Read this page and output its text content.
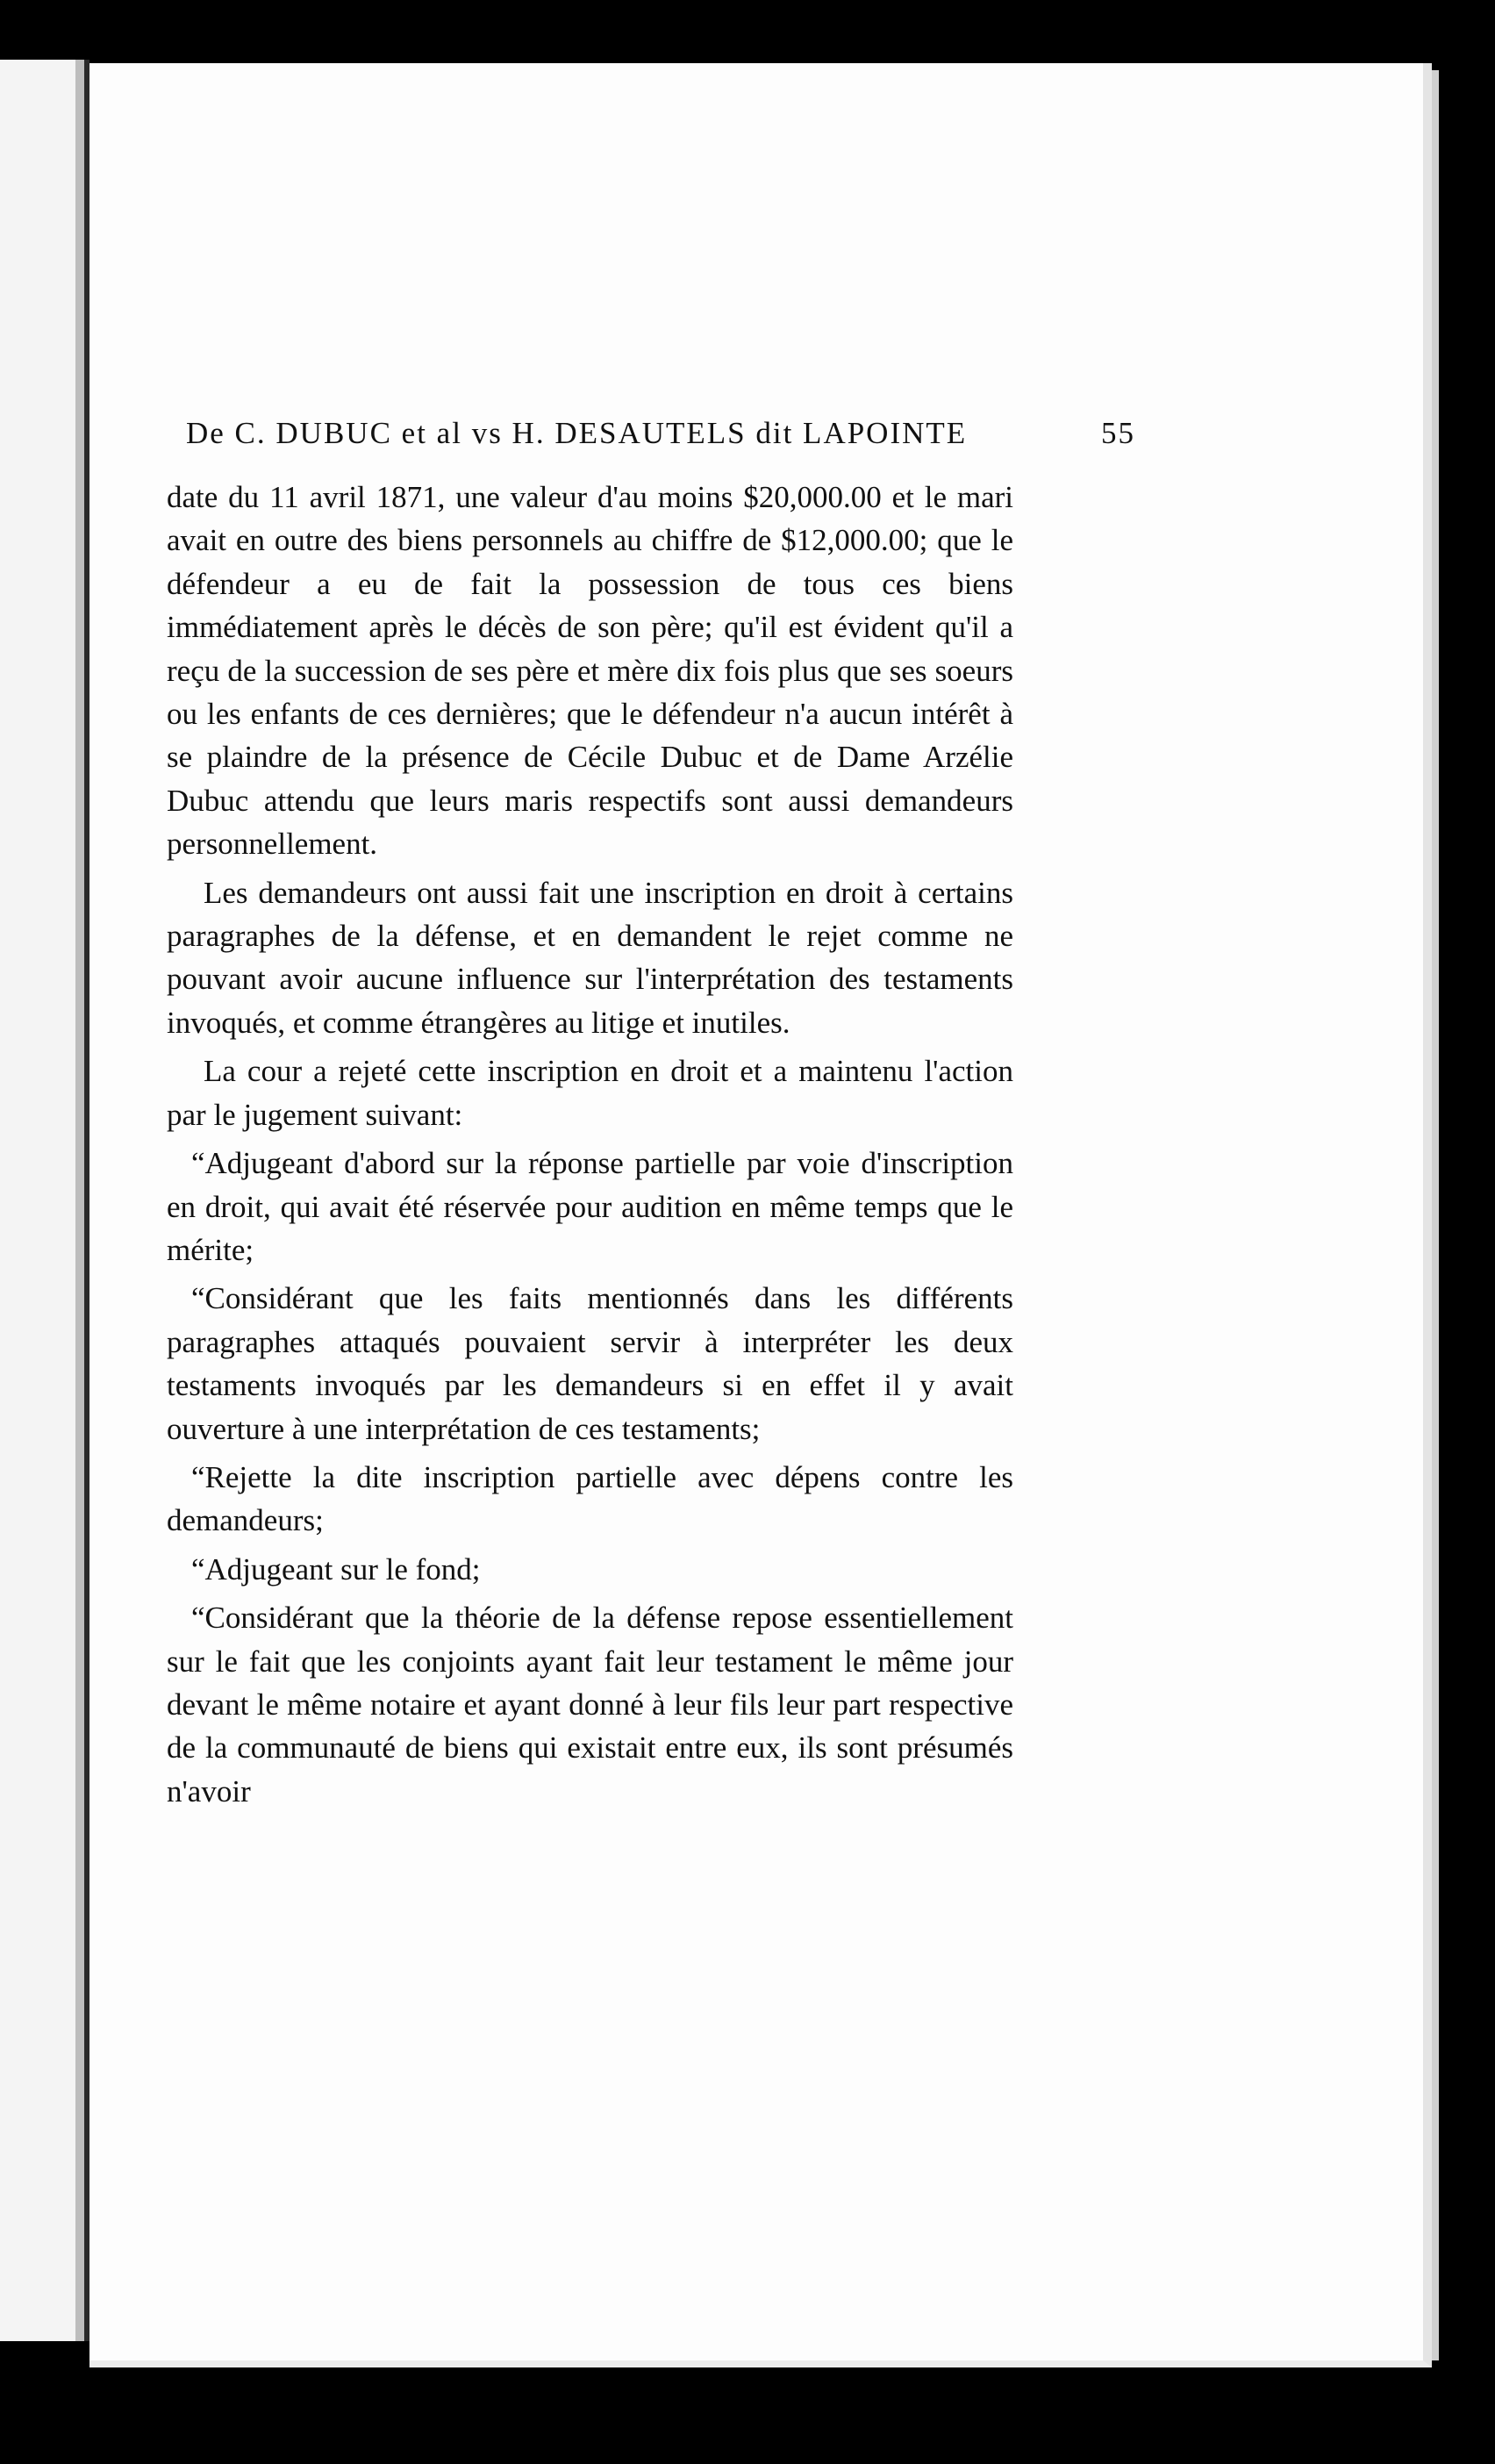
De C. DUBUC et al vs H. DESAUTELS dit LAPOINTE	55

date du 11 avril 1871, une valeur d'au moins $20,000.00 et le mari avait en outre des biens personnels au chiffre de $12,000.00; que le défendeur a eu de fait la possession de tous ces biens immédiatement après le décès de son père; qu'il est évident qu'il a reçu de la succession de ses père et mère dix fois plus que ses soeurs ou les enfants de ces dernières; que le défendeur n'a aucun intérêt à se plaindre de la présence de Cécile Dubuc et de Dame Arzélie Dubuc attendu que leurs maris respectifs sont aussi demandeurs personnellement.

Les demandeurs ont aussi fait une inscription en droit à certains paragraphes de la défense, et en demandent le rejet comme ne pouvant avoir aucune influence sur l'interprétation des testaments invoqués, et comme étrangères au litige et inutiles.

La cour a rejeté cette inscription en droit et a maintenu l'action par le jugement suivant:

“Adjugeant d'abord sur la réponse partielle par voie d'inscription en droit, qui avait été réservée pour audition en même temps que le mérite;

“Considérant que les faits mentionnés dans les différents paragraphes attaqués pouvaient servir à interpréter les deux testaments invoqués par les demandeurs si en effet il y avait ouverture à une interprétation de ces testaments;

“Rejette la dite inscription partielle avec dépens contre les demandeurs;

“Adjugeant sur le fond;

“Considérant que la théorie de la défense repose essentiellement sur le fait que les conjoints ayant fait leur testament le même jour devant le même notaire et ayant donné à leur fils leur part respective de la communauté de biens qui existait entre eux, ils sont présumés n'avoir
